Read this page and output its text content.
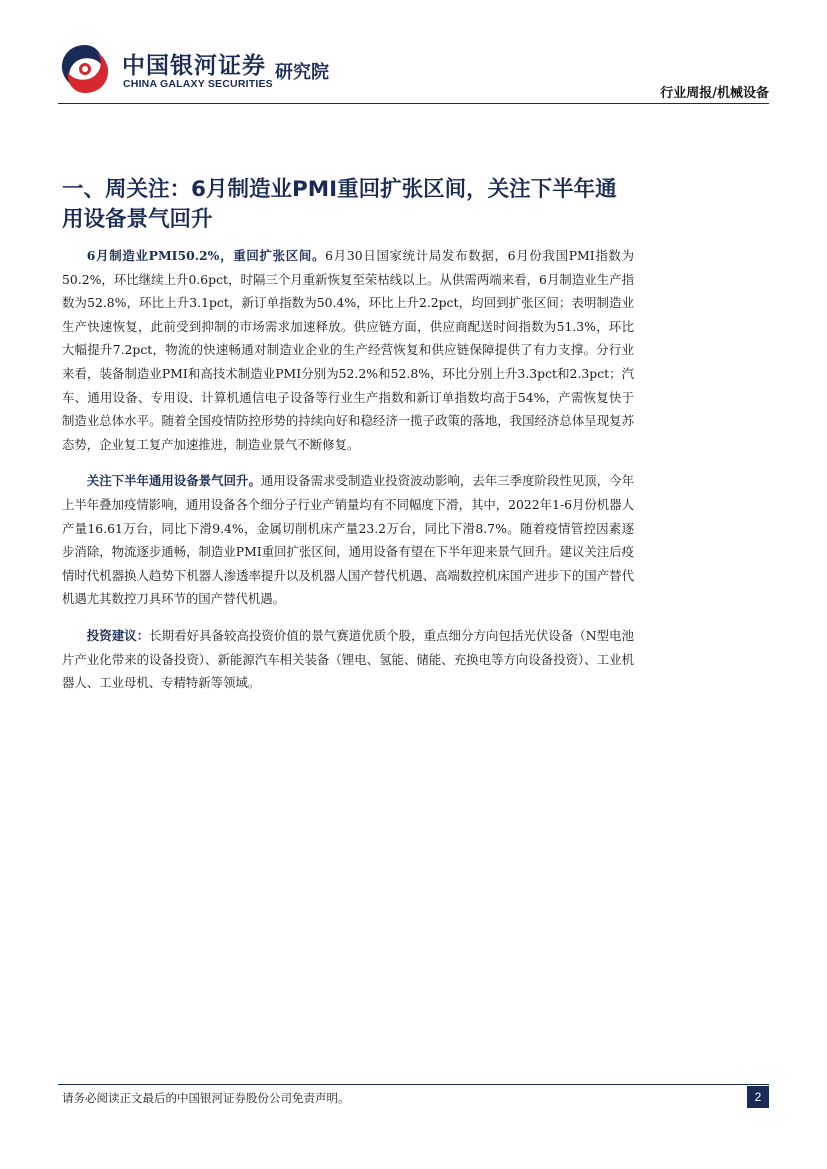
中国银河证券
CHINA GALAXY SECURITIES
研究院
行业周报/机械设备
一、周关注：6月制造业PMI重回扩张区间，关注下半年通用设备景气回升

6月制造业PMI50.2%，重回扩张区间。6月30日国家统计局发布数据，6月份我国PMI指数为50.2%，环比继续上升0.6pct，时隔三个月重新恢复至荣枯线以上。从供需两端来看，6月制造业生产指数为52.8%，环比上升3.1pct，新订单指数为50.4%，环比上升2.2pct，均回到扩张区间；表明制造业生产快速恢复，此前受到抑制的市场需求加速释放。供应链方面，供应商配送时间指数为51.3%，环比大幅提升7.2pct，物流的快速畅通对制造业企业的生产经营恢复和供应链保障提供了有力支撑。分行业来看，装备制造业PMI和高技术制造业PMI分别为52.2%和52.8%，环比分别上升3.3pct和2.3pct；汽车、通用设备、专用设、计算机通信电子设备等行业生产指数和新订单指数均高于54%，产需恢复快于制造业总体水平。随着全国疫情防控形势的持续向好和稳经济一揽子政策的落地，我国经济总体呈现复苏态势，企业复工复产加速推进，制造业景气不断修复。

关注下半年通用设备景气回升。通用设备需求受制造业投资波动影响，去年三季度阶段性见顶，今年上半年叠加疫情影响，通用设备各个细分子行业产销量均有不同幅度下滑，其中，2022年1-6月份机器人产量16.61万台，同比下滑9.4%，金属切削机床产量23.2万台，同比下滑8.7%。随着疫情管控因素逐步消除，物流逐步通畅，制造业PMI重回扩张区间，通用设备有望在下半年迎来景气回升。建议关注后疫情时代机器换人趋势下机器人渗透率提升以及机器人国产替代机遇、高端数控机床国产进步下的国产替代机遇尤其数控刀具环节的国产替代机遇。

投资建议：长期看好具备较高投资价值的景气赛道优质个股，重点细分方向包括光伏设备（N型电池片产业化带来的设备投资）、新能源汽车相关装备（锂电、氢能、储能、充换电等方向设备投资）、工业机器人、工业母机、专精特新等领域。

请务必阅读正文最后的中国银河证券股份公司免责声明。	2
